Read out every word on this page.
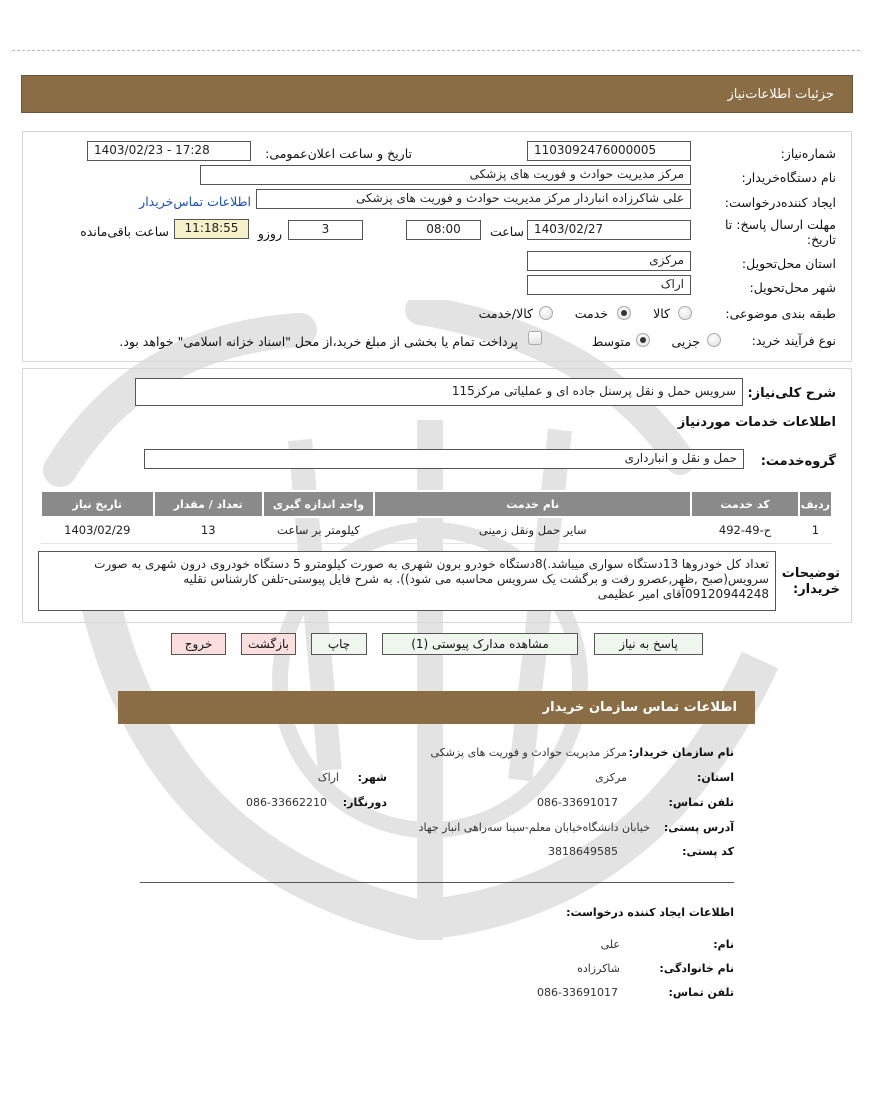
جزئیات اطلاعات‌نیاز
شماره‌نیاز:
1103092476000005
تاریخ و ساعت اعلان‌عمومی:
1403/02/23 - 17:28
نام دستگاه‌خریدار:
مرکز مدیریت حوادث و فوریت های پزشکی
ایجاد کننده‌درخواست:
علی شاکرزاده انباردار مرکز مدیریت حوادث و فوریت های پزشکی
اطلاعات تماس‌خریدار
مهلت ارسال پاسخ: تا تاریخ:
1403/02/27
ساعت
08:00
3
روزو
11:18:55
ساعت باقی‌مانده
استان محل‌تحویل:
مرکزی
شهر محل‌تحویل:
اراک
طبقه بندی موضوعی:
کالا
خدمت
کالا/خدمت
نوع فرآیند خرید:
جزیی
متوسط
پرداخت تمام یا بخشی از مبلغ خرید،از محل "اسناد خزانه اسلامی" خواهد بود.
شرح کلی‌نیاز:
سرویس حمل و نقل پرسنل جاده ای و عملیاتی مرکز115
اطلاعات خدمات موردنیاز
گروه‌خدمت:
حمل و نقل و انبارداری
ردیف	کد خدمت	نام خدمت	واحد اندازه گیری	تعداد / مقدار	تاریخ نیاز
1	ح-49-492	سایر حمل ونقل زمینی	کیلومتر بر ساعت	13	1403/02/29
توضیحات خریدار:
تعداد کل خودروها 13دستگاه سواری میباشد.)8دستگاه خودرو برون شهری به صورت کیلومترو 5 دستگاه خودروی درون شهری به صورت
سرویس(صبح ,ظهر,عصرو رفت و برگشت یک سرویس محاسبه می شود)). به شرح فایل پیوستی-تلفن کارشناس نقلیه
09120944248آقای امیر عظیمی
پاسخ به نیاز
مشاهده مدارک پیوستی (1)
چاپ
بازگشت
خروج
اطلاعات تماس سازمان خریدار
نام سازمان خریدار:
مرکز مدیریت حوادث و فوریت های پزشکی
استان:
مرکزی
شهر:
اراک
تلفن تماس:
086-33691017
دورنگار:
086-33662210
آدرس پستی:
خیابان دانشگاه‌خیابان معلم-سینا سه‌راهی انبار جهاد
کد پستی:
3818649585
اطلاعات ایجاد کننده درخواست:
نام:
علی
نام خانوادگی:
شاکرزاده
تلفن تماس:
086-33691017
